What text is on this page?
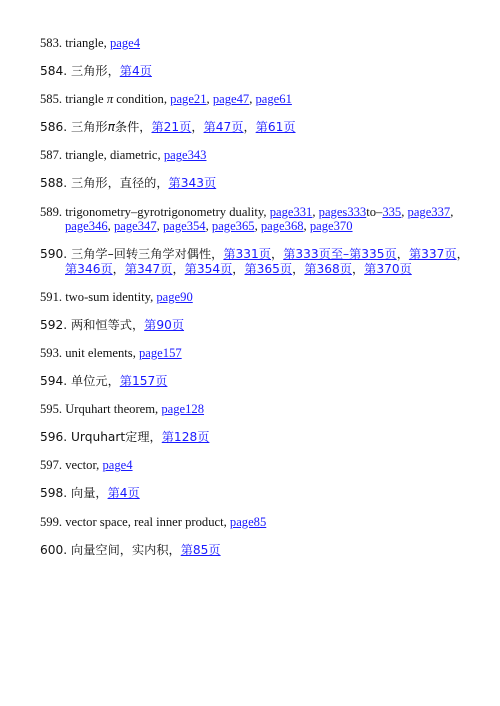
583. triangle, page4

584. 三角形，第4页

585. triangle π condition, page21, page47, page61

586. 三角形π条件，第21页，第47页，第61页

587. triangle, diametric, page343

588. 三角形，直径的，第343页

589. trigonometry–gyrotrigonometry duality, page331, pages333to–335, page337, page346, page347, page354, page365, page368, page370

590. 三角学–回转三角学对偶性，第331页，第333页至–第335页，第337页，第346页，第347页，第354页，第365页，第368页，第370页

591. two-sum identity, page90

592. 两和恒等式，第90页

593. unit elements, page157

594. 单位元，第157页

595. Urquhart theorem, page128

596. Urquhart定理，第128页

597. vector, page4

598. 向量，第4页

599. vector space, real inner product, page85

600. 向量空间，实内积，第85页
